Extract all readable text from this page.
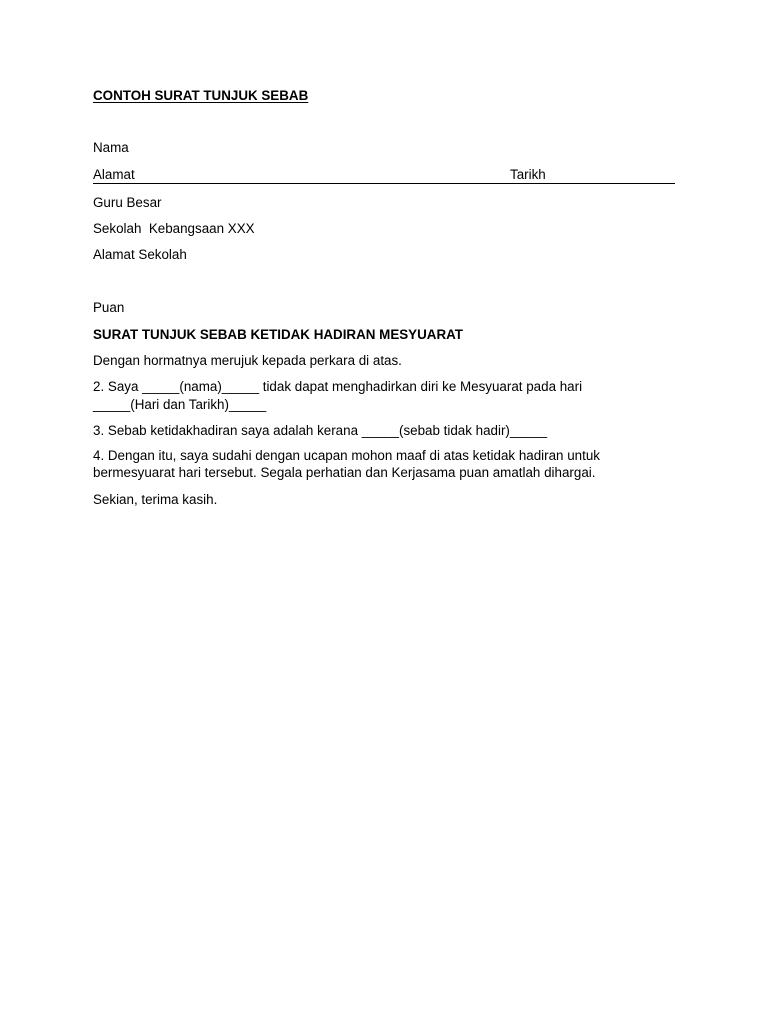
CONTOH SURAT TUNJUK SEBAB
Nama
Alamat	Tarikh
Guru Besar
Sekolah  Kebangsaan XXX
Alamat Sekolah
Puan
SURAT TUNJUK SEBAB KETIDAK HADIRAN MESYUARAT
Dengan hormatnya merujuk kepada perkara di atas.
2. Saya _____(nama)_____ tidak dapat menghadirkan diri ke Mesyuarat pada hari
_____(Hari dan Tarikh)_____
3. Sebab ketidakhadiran saya adalah kerana _____(sebab tidak hadir)_____
4. Dengan itu, saya sudahi dengan ucapan mohon maaf di atas ketidak hadiran untuk
bermesyuarat hari tersebut. Segala perhatian dan Kerjasama puan amatlah dihargai.
Sekian, terima kasih.
